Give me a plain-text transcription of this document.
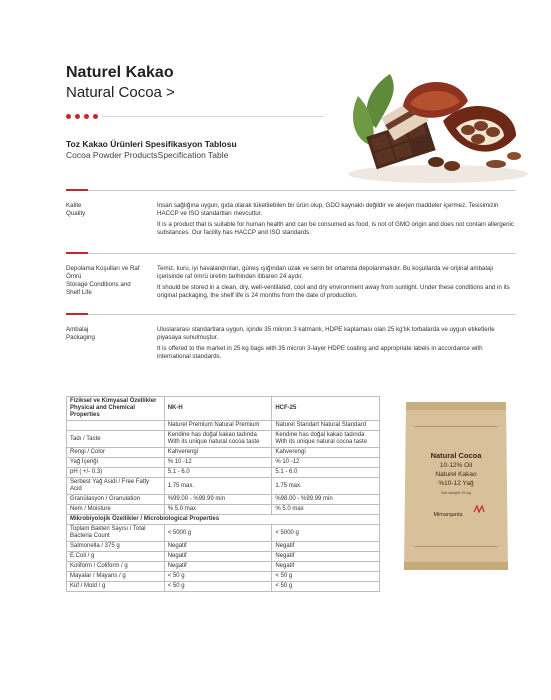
Naturel Kakao
Natural Cocoa >
Toz Kakao Ürünleri Spesifikasyon Tablosu
Cocoa Powder ProductsSpecification Table
Kalite
Quality

İnsan sağlığına uygun, gıda olarak tüketilebilen bir ürün olup, GDO kaynaklı değildir ve alerjen maddeler içermez. Tesisimizin HACCP ve ISO standartları mevcuttur.

It is a product that is suitable for human health and can be consumed as food, is not of GMO origin and does not contain allergenic substances. Our facility has HACCP and ISO standards.

Depolama Koşulları ve Raf Ömrü
Storage Conditions and Shelf Life

Temiz, kuru, iyi havalandırılan, güneş ışığından uzak ve serin bir ortamda depolanmalıdır. Bu koşullarda ve orijinal ambalajı içerisinde raf ömrü üretim tarihinden itibaren 24 aydır.

It should be stored in a clean, dry, well-ventilated, cool and dry environment away from sunlight. Under these conditions and in its original packaging, the shelf life is 24 months from the date of production.

Ambalaj
Packaging

Uluslararası standartlara uygun, içinde 35 mikron 3 katmanlı, HDPE kaplaması olan 25 kg'lık torbalarda ve uygun etiketlerle piyasaya sunulmuştur.

It is offered to the market in 25 kg bags with 35 micron 3-layer HDPE coating and appropriate labels in accordance with international standards.

Fiziksel ve Kimyasal Özellikler Physical and Chemical Properties	NK-H	HCF-25
	Naturel Premium Natural Premium	Naturel Standart Natural Standard
Tadı / Taste	Kendine has doğal kakao tadında With its unique natural cocoa taste	Kendine has doğal kakao tadında With its unique natural cocoa taste
Rengi / Color	Kahverengi	Kahverengi
Yağ İçeriği	% 10 -12	% 10 -12
pH ( +/- 0.3)	5.1 - 6.0	5.1 - 6.0
Serbest Yağ Asidi / Free Fatty Acid	1.75 max.	1.75 max.
Granülasyon / Granulation	%99.00 - %99.99 min	%98.00 - %99.99 min
Nem / Moisture	% 5.0 max	% 5.0 max
Mikrobiyolojik Özellikler / Microbiological Properties		
Toplam Bakteri Sayısı / Total Bacteria Count	< 5000 g	< 5000 g
Salmonella / 375 g	Negatif	Negatif
E.Coli / g	Negatif	Negatif
Koliform / Coliform / g	Negatif	Negatif
Mayalar / Mayans / g	< 50 g	< 50 g
Küf / Mold / g	< 50 g	< 50 g
Natural Cocoa
10-12% Oil
Naturel Kakao
%10-12 Yağ
Net weight 25 kg
Mimarqanta
